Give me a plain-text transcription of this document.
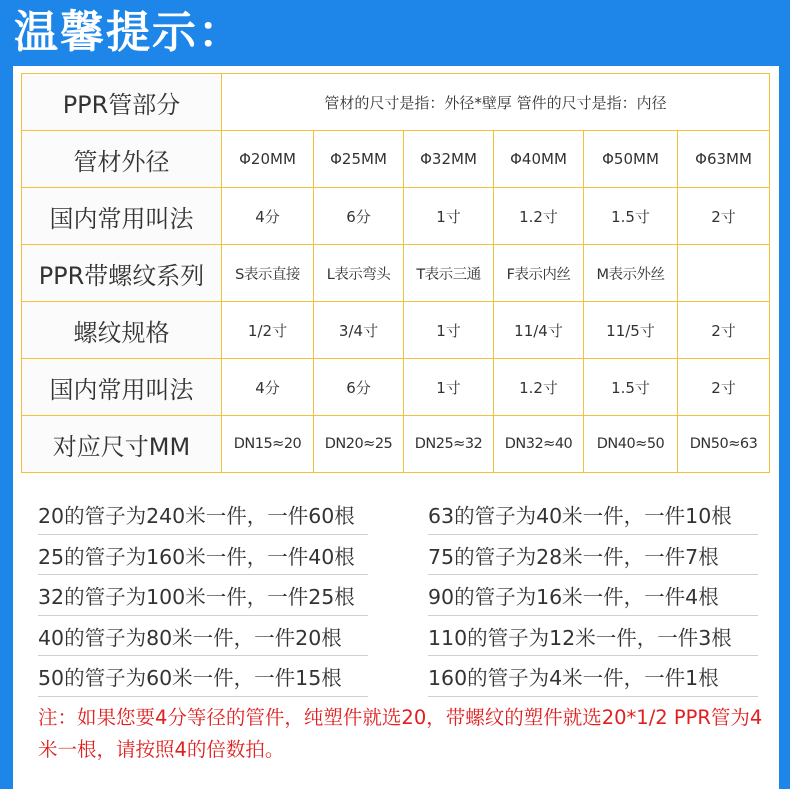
温馨提示：
PPR管部分	管材的尺寸是指：外径*壁厚 管件的尺寸是指：内径					
管材外径	Φ20MM	Φ25MM	Φ32MM	Φ40MM	Φ50MM	Φ63MM
国内常用叫法	4分	6分	1寸	1.2寸	1.5寸	2寸
PPR带螺纹系列	S表示直接	L表示弯头	T表示三通	F表示内丝	M表示外丝	
螺纹规格	1/2寸	3/4寸	1寸	11/4寸	11/5寸	2寸
国内常用叫法	4分	6分	1寸	1.2寸	1.5寸	2寸
对应尺寸MM	DN15≈20	DN20≈25	DN25≈32	DN32≈40	DN40≈50	DN50≈63
20的管子为240米一件，一件60根
25的管子为160米一件，一件40根
32的管子为100米一件，一件25根
40的管子为80米一件，一件20根
50的管子为60米一件，一件15根
63的管子为40米一件，一件10根
75的管子为28米一件，一件7根
90的管子为16米一件，一件4根
110的管子为12米一件，一件3根
160的管子为4米一件，一件1根
注：如果您要4分等径的管件，纯塑件就选20，带螺纹的塑件就选20*1/2 PPR管为4米一根，请按照4的倍数拍。
